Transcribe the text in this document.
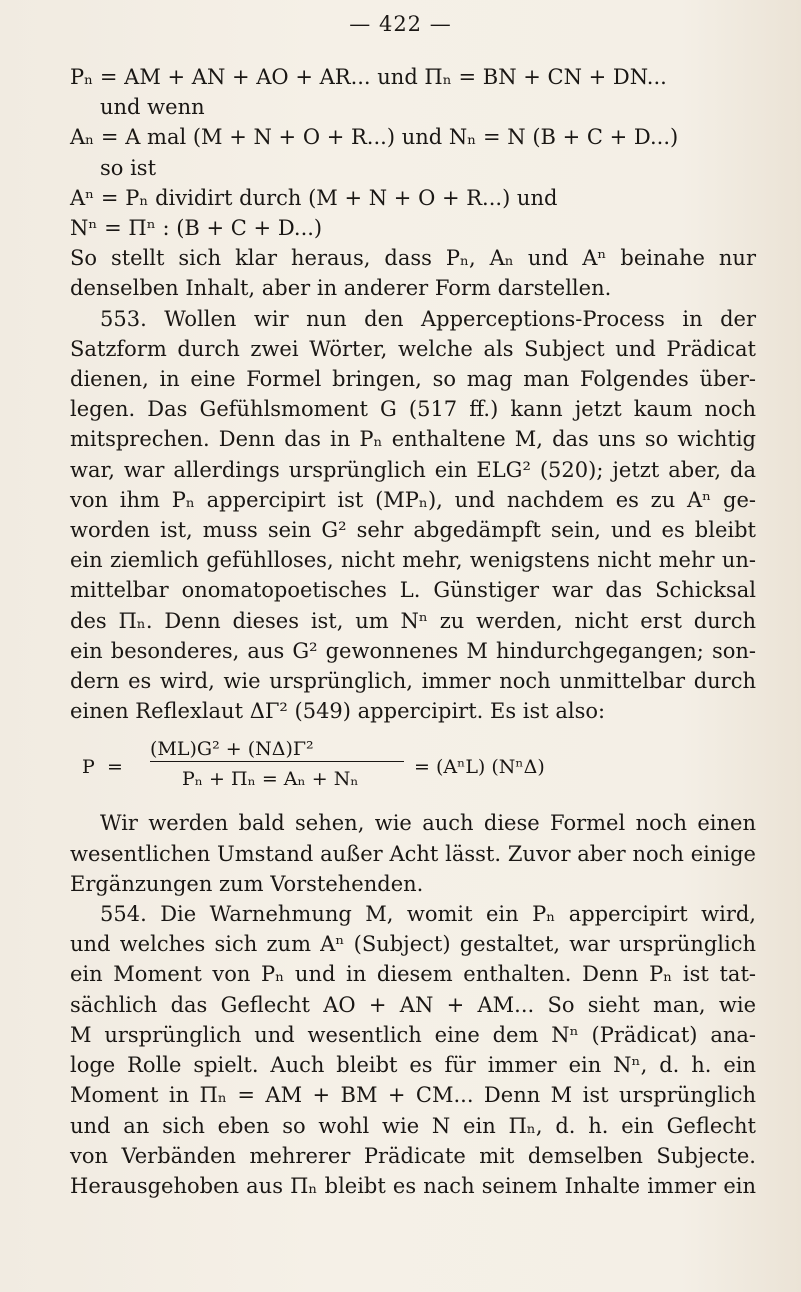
— 422 —
Pₙ = AM + AN + AO + AR... und Пₙ = BN + CN + DN...
und wenn
Aₙ = A mal (M + N + O + R...) und Nₙ = N (B + C + D...)
so ist
Aⁿ = Pₙ dividirt durch (M + N + O + R...) und
Nⁿ = Пⁿ : (B + C + D...)
So stellt sich klar heraus, dass Pₙ, Aₙ und Aⁿ beinahe nur
denselben Inhalt, aber in anderer Form darstellen.
553. Wollen wir nun den Apperceptions-Process in der
Satzform durch zwei Wörter, welche als Subject und Prädicat
dienen, in eine Formel bringen, so mag man Folgendes über-
legen. Das Gefühlsmoment G (517 ff.) kann jetzt kaum noch
mitsprechen. Denn das in Pₙ enthaltene M, das uns so wichtig
war, war allerdings ursprünglich ein ELG² (520); jetzt aber, da
von ihm Pₙ appercipirt ist (MPₙ), und nachdem es zu Aⁿ ge-
worden ist, muss sein G² sehr abgedämpft sein, und es bleibt
ein ziemlich gefühlloses, nicht mehr, wenigstens nicht mehr un-
mittelbar onomatopoetisches L. Günstiger war das Schicksal
des Пₙ. Denn dieses ist, um Nⁿ zu werden, nicht erst durch
ein besonderes, aus G² gewonnenes M hindurchgegangen; son-
dern es wird, wie ursprünglich, immer noch unmittelbar durch
einen Reflexlaut ΔΓ² (549) appercipirt. Es ist also:
P =
(ML)G² + (NΔ)Γ²
Pₙ + Пₙ = Aₙ + Nₙ
= (AⁿL) (NⁿΔ)
Wir werden bald sehen, wie auch diese Formel noch einen
wesentlichen Umstand außer Acht lässt. Zuvor aber noch einige
Ergänzungen zum Vorstehenden.
554. Die Warnehmung M, womit ein Pₙ appercipirt wird,
und welches sich zum Aⁿ (Subject) gestaltet, war ursprünglich
ein Moment von Pₙ und in diesem enthalten. Denn Pₙ ist tat-
sächlich das Geflecht AO + AN + AM... So sieht man, wie
M ursprünglich und wesentlich eine dem Nⁿ (Prädicat) ana-
loge Rolle spielt. Auch bleibt es für immer ein Nⁿ, d. h. ein
Moment in Пₙ = AM + BM + CM... Denn M ist ursprünglich
und an sich eben so wohl wie N ein Пₙ, d. h. ein Geflecht
von Verbänden mehrerer Prädicate mit demselben Subjecte.
Herausgehoben aus Пₙ bleibt es nach seinem Inhalte immer ein
